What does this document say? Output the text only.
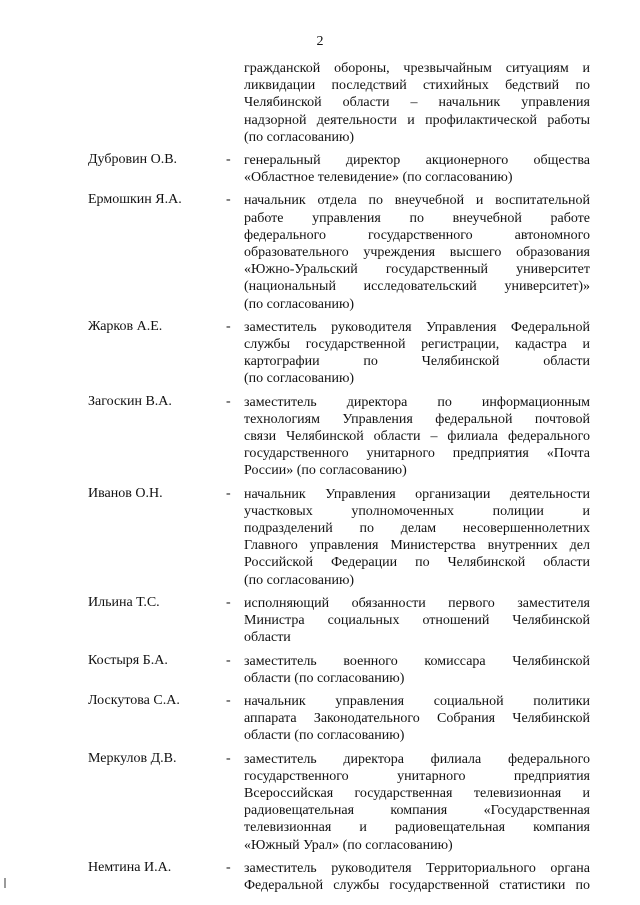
2
гражданской обороны, чрезвычайным ситуациям и
ликвидации последствий стихийных бедствий по
Челябинской области – начальник управления
надзорной деятельности и профилактической работы
(по согласованию)
Дубровин О.В.	- генеральный директор акционерного общества
«Областное телевидение» (по согласованию)
Ермошкин Я.А.	- начальник отдела по внеучебной и воспитательной
работе управления по внеучебной работе
федерального государственного автономного
образовательного учреждения высшего образования
«Южно-Уральский государственный университет
(национальный исследовательский университет)»
(по согласованию)
Жарков А.Е.	- заместитель руководителя Управления Федеральной
службы государственной регистрации, кадастра и
картографии по Челябинской области
(по согласованию)
Загоскин В.А.	- заместитель директора по информационным
технологиям Управления федеральной почтовой
связи Челябинской области – филиала федерального
государственного унитарного предприятия «Почта
России» (по согласованию)
Иванов О.Н.	- начальник Управления организации деятельности
участковых уполномоченных полиции и
подразделений по делам несовершеннолетних
Главного управления Министерства внутренних дел
Российской Федерации по Челябинской области
(по согласованию)
Ильина Т.С.	- исполняющий обязанности первого заместителя
Министра социальных отношений Челябинской
области
Костыря Б.А.	- заместитель военного комиссара Челябинской
области (по согласованию)
Лоскутова С.А.	- начальник управления социальной политики
аппарата Законодательного Собрания Челябинской
области (по согласованию)
Меркулов Д.В.	- заместитель директора филиала федерального
государственного унитарного предприятия
Всероссийская государственная телевизионная и
радиовещательная компания «Государственная
телевизионная и радиовещательная компания
«Южный Урал» (по согласованию)
Немтина И.А.	- заместитель руководителя Территориального органа
Федеральной службы государственной статистики по
